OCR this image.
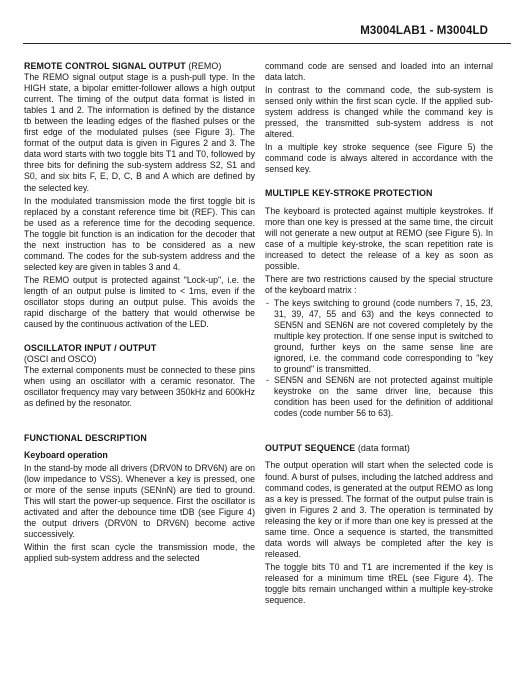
M3004LAB1 - M3004LD
REMOTE CONTROL SIGNAL OUTPUT (REMO)

The REMO signal output stage is a push-pull type. In the HIGH state, a bipolar emitter-follower allows a high output current. The timing of the output data format is listed in tables 1 and 2. The information is defined by the distance tb between the leading edges of the flashed pulses or the first edge of the modulated pulses (see Figure 3). The format of the output data is given in Figures 2 and 3. The data word starts with two toggle bits T1 and T0, followed by three bits for defining the sub-system address S2, S1 and S0, and six bits F, E, D, C, B and A which are defined by the selected key.

In the modulated transmission mode the first toggle bit is replaced by a constant reference time bit (REF). This can be used as a reference time for the decoding sequence. The toggle bit function is an indication for the decoder that the next instruction has to be considered as a new command. The codes for the sub-system address and the selected key are given in tables 3 and 4.

The REMO output is protected against "Lock-up", i.e. the length of an output pulse is limited to < 1ms, even if the oscillator stops during an output pulse. This avoids the rapid discharge of the battery that would otherwise be caused by the continuous activation of the LED.

OSCILLATOR INPUT / OUTPUT

(OSCI and OSCO)

The external components must be connected to these pins when using an oscillator with a ceramic resonator. The oscillator frequency may vary between 350kHz and 600kHz as defined by the resonator.

FUNCTIONAL DESCRIPTION
Keyboard operation

In the stand-by mode all drivers (DRV0N to DRV6N) are on (low impedance to VSS). Whenever a key is pressed, one or more of the sense inputs (SENnN) are tied to ground. This will start the power-up sequence. First the oscillator is activated and after the debounce time tDB (see Figure 4) the output drivers (DRV0N to DRV6N) become active successively.

Within the first scan cycle the transmission mode, the applied sub-system address and the selected

command code are sensed and loaded into an internal data latch.

In contrast to the command code, the sub-system is sensed only within the first scan cycle. If the applied sub-system address is changed while the command key is pressed, the transmitted sub-system address is not altered.

In a multiple key stroke sequence (see Figure 5) the command code is always altered in accordance with the sensed key.

MULTIPLE KEY-STROKE PROTECTION

The keyboard is protected against multiple keystrokes. If more than one key is pressed at the same time, the circuit will not generate a new output at REMO (see Figure 5). In case of a multiple key-stroke, the scan repetition rate is increased to detect the release of a key as soon as possible.

There are two restrictions caused by the special structure of the keyboard matrix :

- The keys switching to ground (code numbers 7, 15, 23, 31, 39, 47, 55 and 63) and the keys connected to SEN5N and SEN6N are not covered completely by the multiple key protection. If one sense input is switched to ground, further keys on the same sense line are ignored, i.e. the command code corresponding to "key to ground" is transmitted.
- SEN5N and SEN6N are not protected against multiple keystroke on the same driver line, because this condition has been used for the definition of additional codes (code number 56 to 63).
OUTPUT SEQUENCE (data format)

The output operation will start when the selected code is found. A burst of pulses, including the latched address and command codes, is generated at the output REMO as long as a key is pressed. The format of the output pulse train is given in Figures 2 and 3. The operation is terminated by releasing the key or if more than one key is pressed at the same time. Once a sequence is started, the transmitted data words will always be completed after the key is released.

The toggle bits T0 and T1 are incremented if the key is released for a minimum time tREL (see Figure 4). The toggle bits remain unchanged within a multiple key-stroke sequence.
